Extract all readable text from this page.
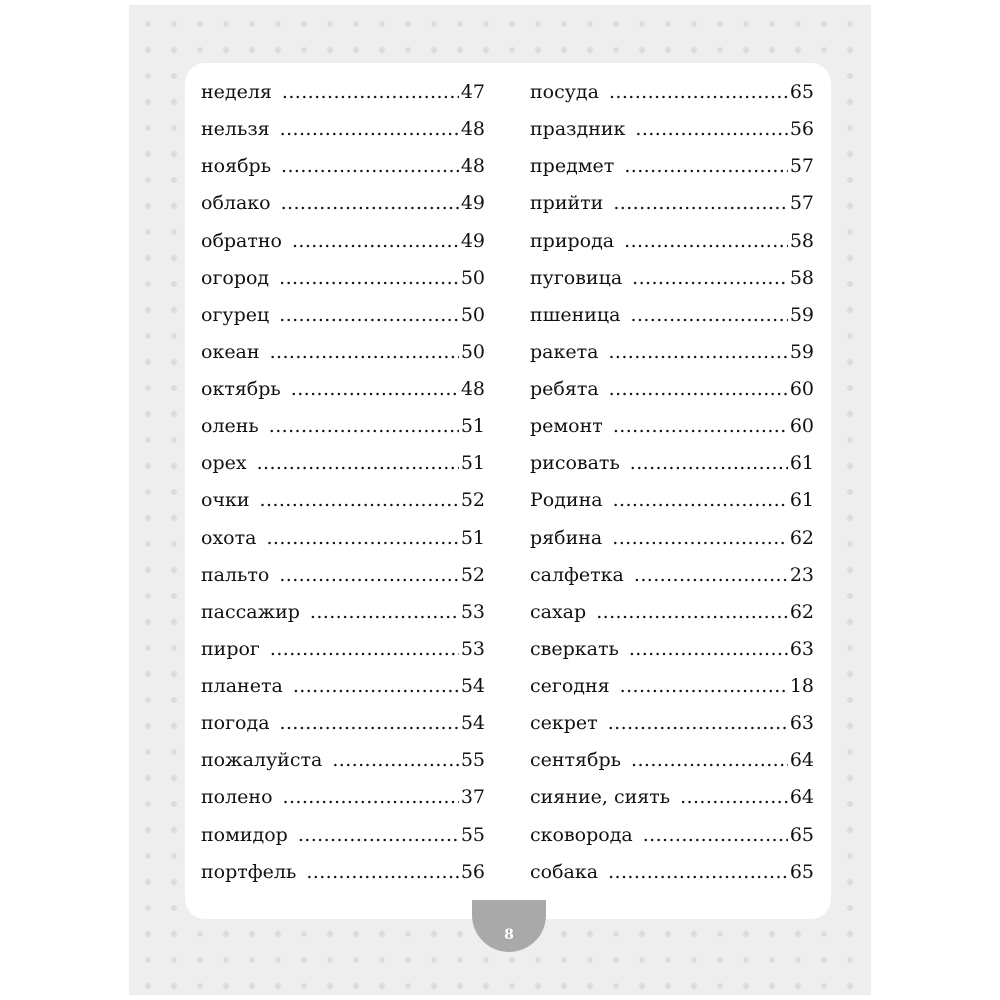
неделя .....	47
нельзя .....	48
ноябрь .....	48
облако .....	49
обратно .....	49
огород .....	50
огурец .....	50
океан .....	50
октябрь .....	48
олень .....	51
орех .....	51
очки .....	52
охота .....	51
пальто .....	52
пассажир .....	53
пирог .....	53
планета .....	54
погода .....	54
пожалуйста .....	55
полено .....	37
помидор .....	55
портфель .....	56
посуда .....	65
праздник .....	56
предмет .....	57
прийти .....	57
природа .....	58
пуговица .....	58
пшеница .....	59
ракета .....	59
ребята .....	60
ремонт .....	60
рисовать .....	61
Родина .....	61
рябина .....	62
салфетка .....	23
сахар .....	62
сверкать .....	63
сегодня .....	18
секрет .....	63
сентябрь .....	64
сияние, сиять .....	64
сковорода .....	65
собака .....	65
8
